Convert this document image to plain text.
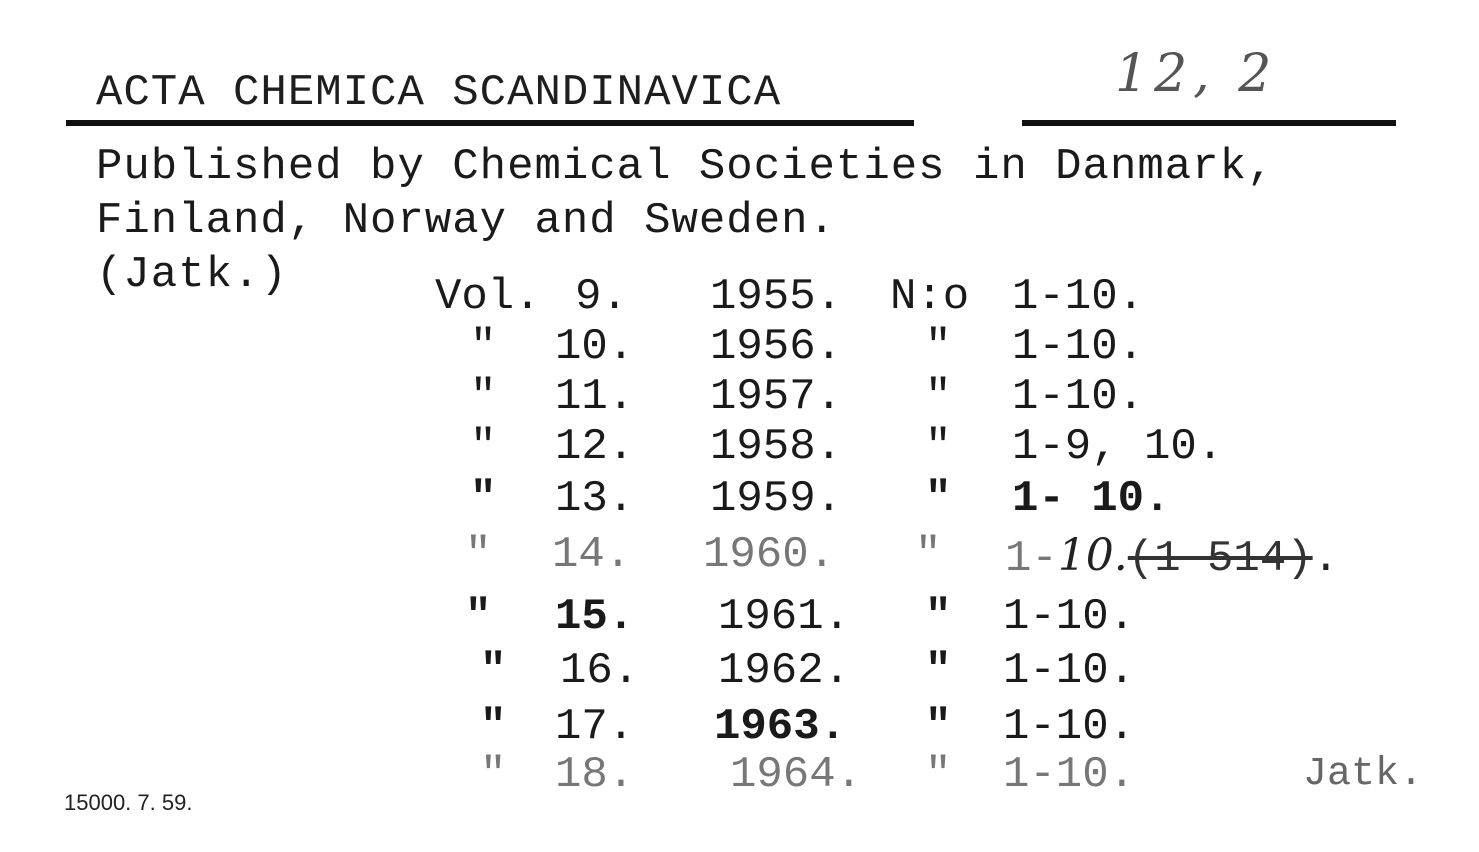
ACTA CHEMICA SCANDINAVICA	12, 2
Published by Chemical Societies in Danmark,
Finland, Norway and Sweden.
(Jatk.)	Vol. 9. 1955. N:o 1-10.
" 10. 1956. " 1-10.
" 11. 1957. " 1-10.
" 12. 1958. " 1-9, 10.
" 13. 1959. " 1- 10.
" 14. 1960. " 1-10.(1-514).
" 15. 1961. " 1-10.
" 16. 1962. " 1-10.
" 17. 1963. " 1-10.
" 18. 1964. " 1-10.
15000. 7. 59.
Jatk.
